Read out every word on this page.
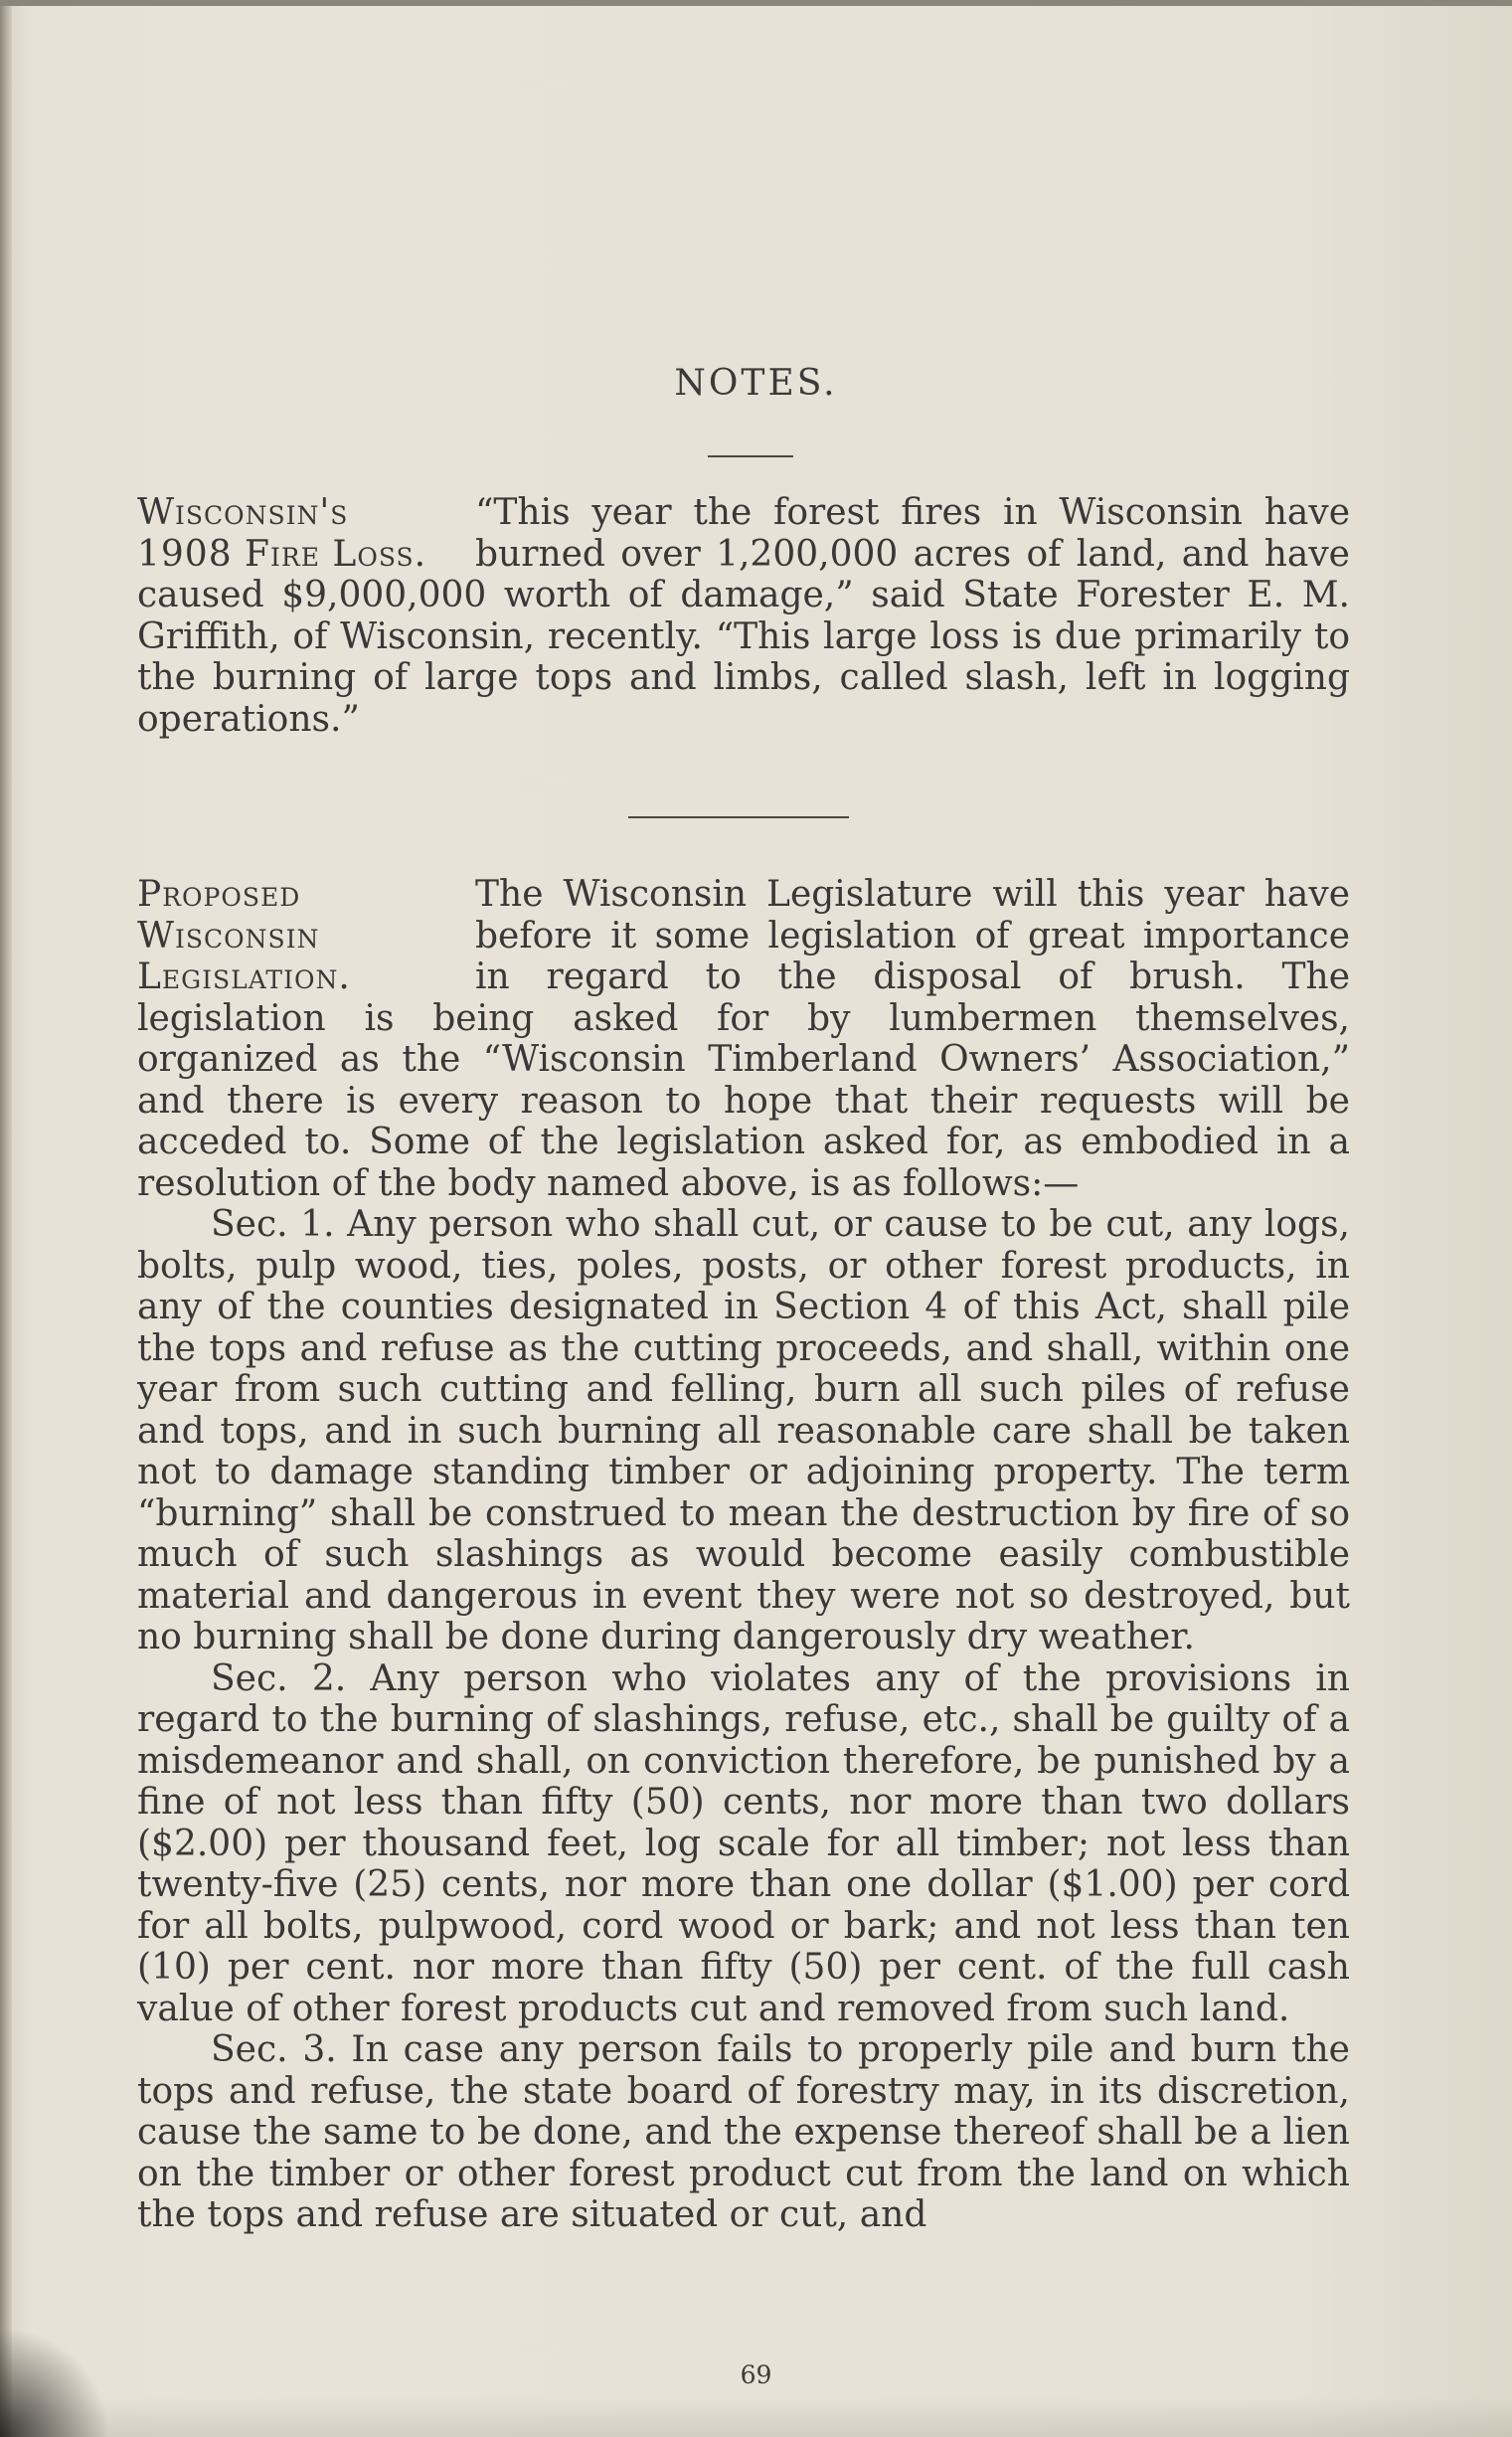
NOTES.
Wisconsin's
1908 Fire Loss.

“This year the forest fires in Wisconsin have burned over 1,200,000 acres of land, and have caused $9,000,000 worth of damage,” said State Forester E. M. Griffith, of Wisconsin, recently. “This large loss is due primarily to the burning of large tops and limbs, called slash, left in logging operations.”

Proposed
Wisconsin
Legislation.

The Wisconsin Legislature will this year have before it some legislation of great importance in regard to the disposal of brush. The legislation is being asked for by lumbermen themselves, organized as the “Wisconsin Timberland Owners’ Association,” and there is every reason to hope that their requests will be acceded to. Some of the legislation asked for, as embodied in a resolution of the body named above, is as follows:—

Sec. 1. Any person who shall cut, or cause to be cut, any logs, bolts, pulp wood, ties, poles, posts, or other forest products, in any of the counties designated in Section 4 of this Act, shall pile the tops and refuse as the cutting proceeds, and shall, within one year from such cutting and felling, burn all such piles of refuse and tops, and in such burning all reasonable care shall be taken not to damage standing timber or adjoining property. The term “burning” shall be construed to mean the destruction by fire of so much of such slashings as would become easily combustible material and dangerous in event they were not so destroyed, but no burning shall be done during dangerously dry weather.

Sec. 2. Any person who violates any of the provisions in regard to the burning of slashings, refuse, etc., shall be guilty of a misdemeanor and shall, on conviction therefore, be punished by a fine of not less than fifty (50) cents, nor more than two dollars ($2.00) per thousand feet, log scale for all timber; not less than twenty-five (25) cents, nor more than one dollar ($1.00) per cord for all bolts, pulpwood, cord wood or bark; and not less than ten (10) per cent. nor more than fifty (50) per cent. of the full cash value of other forest products cut and removed from such land.

Sec. 3. In case any person fails to properly pile and burn the tops and refuse, the state board of forestry may, in its discretion, cause the same to be done, and the expense thereof shall be a lien on the timber or other forest product cut from the land on which the tops and refuse are situated or cut, and

69
